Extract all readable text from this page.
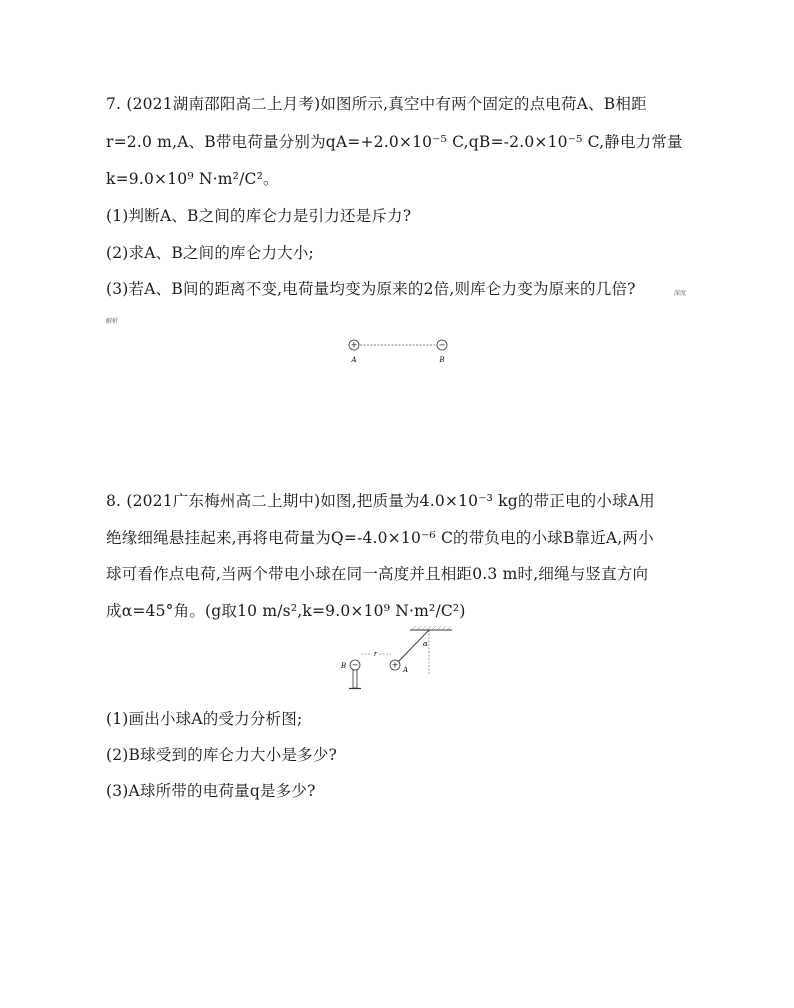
7. (2021湖南邵阳高二上月考)如图所示,真空中有两个固定的点电荷A、B相距
r=2.0 m,A、B带电荷量分别为qA=+2.0×10⁻⁵ C,qB=-2.0×10⁻⁵ C,静电力常量
k=9.0×10⁹ N·m²/C²。
(1)判断A、B之间的库仑力是引力还是斥力?
(2)求A、B之间的库仑力大小;
(3)若A、B间的距离不变,电荷量均变为原来的2倍,则库仑力变为原来的几倍?	深度
解析
+	−
A	B
8. (2021广东梅州高二上期中)如图,把质量为4.0×10⁻³ kg的带正电的小球A用
绝缘细绳悬挂起来,再将电荷量为Q=-4.0×10⁻⁶ C的带负电的小球B靠近A,两小
球可看作点电荷,当两个带电小球在同一高度并且相距0.3 m时,细绳与竖直方向
成α=45°角。(g取10 m/s²,k=9.0×10⁹ N·m²/C²)
α
+
A
−
B
r
(1)画出小球A的受力分析图;
(2)B球受到的库仑力大小是多少?
(3)A球所带的电荷量q是多少?
